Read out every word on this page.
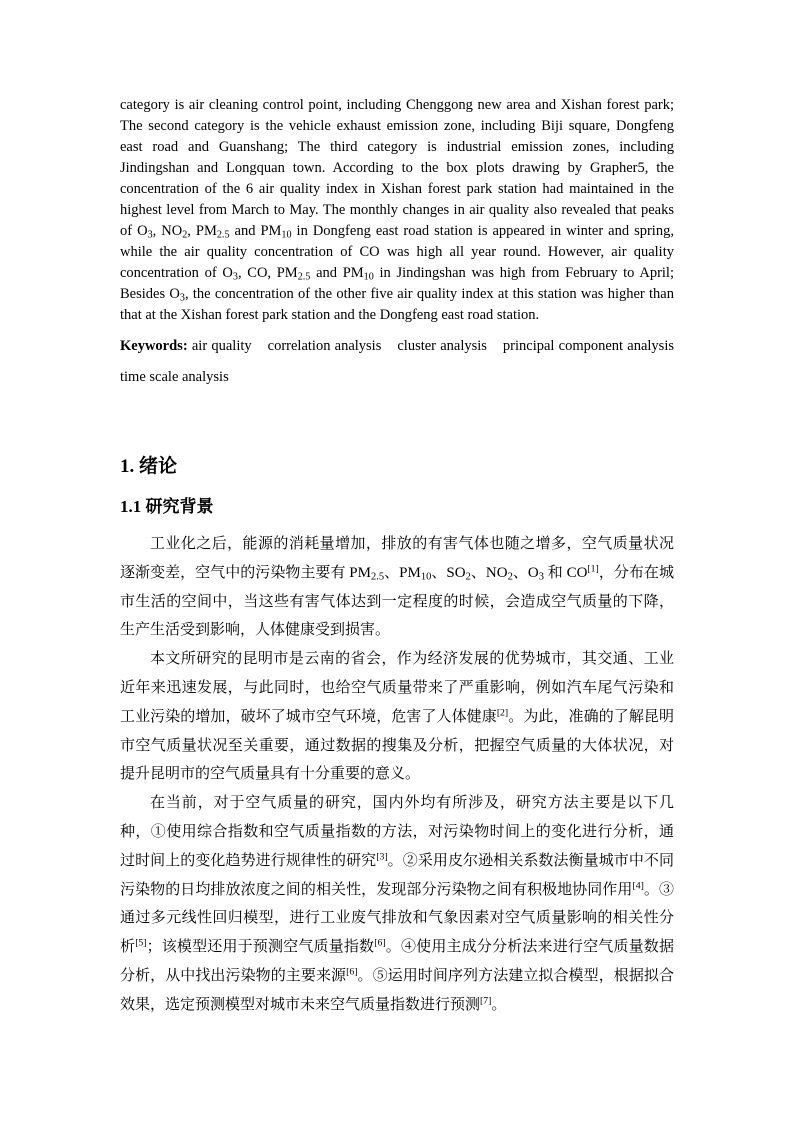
category is air cleaning control point, including Chenggong new area and Xishan forest park; The second category is the vehicle exhaust emission zone, including Biji square, Dongfeng east road and Guanshang; The third category is industrial emission zones, including Jindingshan and Longquan town. According to the box plots drawing by Grapher5, the concentration of the 6 air quality index in Xishan forest park station had maintained in the highest level from March to May. The monthly changes in air quality also revealed that peaks of $O_3$, $NO_2$, $PM_{2.5}$ and $PM_{10}$ in Dongfeng east road station is appeared in winter and spring, while the air quality concentration of CO was high all year round. However, air quality concentration of $O_3$, CO, $PM_{2.5}$ and $PM_{10}$ in Jindingshan was high from February to April; Besides $O_3$, the concentration of the other five air quality index at this station was higher than that at the Xishan forest park station and the Dongfeng east road station.

Keywords: air quality correlation analysis cluster analysis principal component analysis time scale analysis

1. 绪论
1.1 研究背景

工业化之后，能源的消耗量增加，排放的有害气体也随之增多，空气质量状况逐渐变差，空气中的污染物主要有 $PM_{2.5}$、$PM_{10}$、$SO_2$、$NO_2$、$O_3$ 和 CO[1]，分布在城市生活的空间中，当这些有害气体达到一定程度的时候，会造成空气质量的下降，生产生活受到影响，人体健康受到损害。

本文所研究的昆明市是云南的省会，作为经济发展的优势城市，其交通、工业近年来迅速发展，与此同时，也给空气质量带来了严重影响，例如汽车尾气污染和工业污染的增加，破坏了城市空气环境，危害了人体健康[2]。为此，准确的了解昆明市空气质量状况至关重要，通过数据的搜集及分析，把握空气质量的大体状况，对提升昆明市的空气质量具有十分重要的意义。

在当前，对于空气质量的研究，国内外均有所涉及，研究方法主要是以下几种，①使用综合指数和空气质量指数的方法，对污染物时间上的变化进行分析，通过时间上的变化趋势进行规律性的研究[3]。②采用皮尔逊相关系数法衡量城市中不同污染物的日均排放浓度之间的相关性，发现部分污染物之间有积极地协同作用[4]。③通过多元线性回归模型，进行工业废气排放和气象因素对空气质量影响的相关性分析[5]；该模型还用于预测空气质量指数[6]。④使用主成分分析法来进行空气质量数据分析，从中找出污染物的主要来源[6]。⑤运用时间序列方法建立拟合模型，根据拟合效果，选定预测模型对城市未来空气质量指数进行预测[7]。
